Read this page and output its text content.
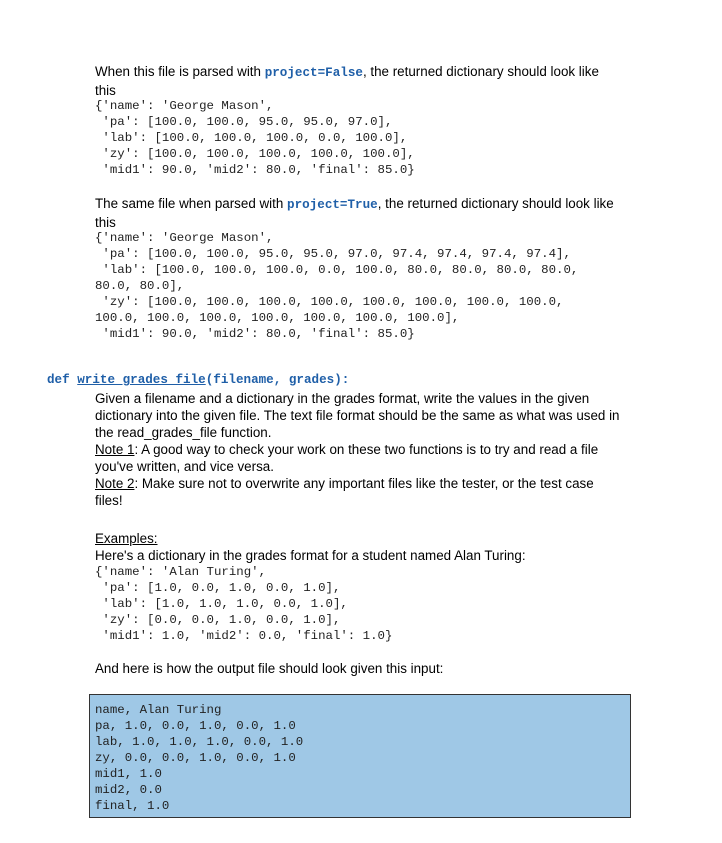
When this file is parsed with project=False, the returned dictionary should look like
this
{'name': 'George Mason',
'pa': [100.0, 100.0, 95.0, 95.0, 97.0],
'lab': [100.0, 100.0, 100.0, 0.0, 100.0],
'zy': [100.0, 100.0, 100.0, 100.0, 100.0],
'mid1': 90.0, 'mid2': 80.0, 'final': 85.0}
The same file when parsed with project=True, the returned dictionary should look like
this
{'name': 'George Mason',
'pa': [100.0, 100.0, 95.0, 95.0, 97.0, 97.4, 97.4, 97.4, 97.4],
'lab': [100.0, 100.0, 100.0, 0.0, 100.0, 80.0, 80.0, 80.0, 80.0,
80.0, 80.0],
'zy': [100.0, 100.0, 100.0, 100.0, 100.0, 100.0, 100.0, 100.0,
100.0, 100.0, 100.0, 100.0, 100.0, 100.0, 100.0],
'mid1': 90.0, 'mid2': 80.0, 'final': 85.0}
def write_grades_file(filename, grades):
Given a filename and a dictionary in the grades format, write the values in the given
dictionary into the given file. The text file format should be the same as what was used in
the read_grades_file function.
Note 1: A good way to check your work on these two functions is to try and read a file
you've written, and vice versa.
Note 2: Make sure not to overwrite any important files like the tester, or the test case
files!
Examples:
Here's a dictionary in the grades format for a student named Alan Turing:
{'name': 'Alan Turing',
'pa': [1.0, 0.0, 1.0, 0.0, 1.0],
'lab': [1.0, 1.0, 1.0, 0.0, 1.0],
'zy': [0.0, 0.0, 1.0, 0.0, 1.0],
'mid1': 1.0, 'mid2': 0.0, 'final': 1.0}
And here is how the output file should look given this input:
name, Alan Turing
pa, 1.0, 0.0, 1.0, 0.0, 1.0
lab, 1.0, 1.0, 1.0, 0.0, 1.0
zy, 0.0, 0.0, 1.0, 0.0, 1.0
mid1, 1.0
mid2, 0.0
final, 1.0
